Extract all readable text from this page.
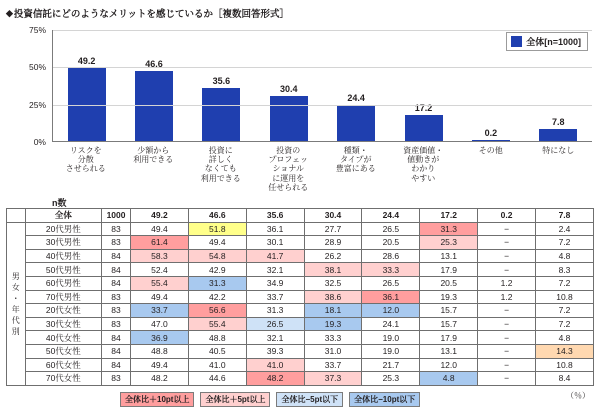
◆ 投資信託にどのようなメリットを感じているか ［複数回答形式］
75%
50%
25%
0%
49.2	46.6
35.6
30.4
24.4
17.2
0.2
7.8
リスクを
分散
させられる
少額から
利用できる
投資に
詳しく
なくても
利用できる
投資の
プロフェッ
ショナル
に運用を
任せられる
種類・
タイプが
豊富にある
資産価値・
値動きが
わかり
やすい
その他	特になし
全体[n=1000]
n数
	全体	1000	49.2	46.6	35.6	30.4	24.4	17.2	0.2	7.8
男
女
・
年
代
別	20代男性	83	49.4	51.8	36.1	27.7	26.5	31.3	−	2.4
	30代男性	83	61.4	49.4	30.1	28.9	20.5	25.3	−	7.2
	40代男性	84	58.3	54.8	41.7	26.2	28.6	13.1	−	4.8
	50代男性	84	52.4	42.9	32.1	38.1	33.3	17.9	−	8.3
	60代男性	84	55.4	31.3	34.9	32.5	26.5	20.5	1.2	7.2
	70代男性	83	49.4	42.2	33.7	38.6	36.1	19.3	1.2	10.8
	20代女性	83	33.7	56.6	31.3	18.1	12.0	15.7	−	7.2
	30代女性	83	47.0	55.4	26.5	19.3	24.1	15.7	−	7.2
	40代女性	84	36.9	48.8	32.1	33.3	19.0	17.9	−	4.8
	50代女性	84	48.8	40.5	39.3	31.0	19.0	13.1	−	14.3
	60代女性	84	49.4	41.0	41.0	33.7	21.7	12.0	−	10.8
	70代女性	83	48.2	44.6	48.2	37.3	25.3	4.8	−	8.4
全体比＋10pt以上	全体比＋5pt以上	全体比−5pt以下	全体比−10pt以下	（％）
